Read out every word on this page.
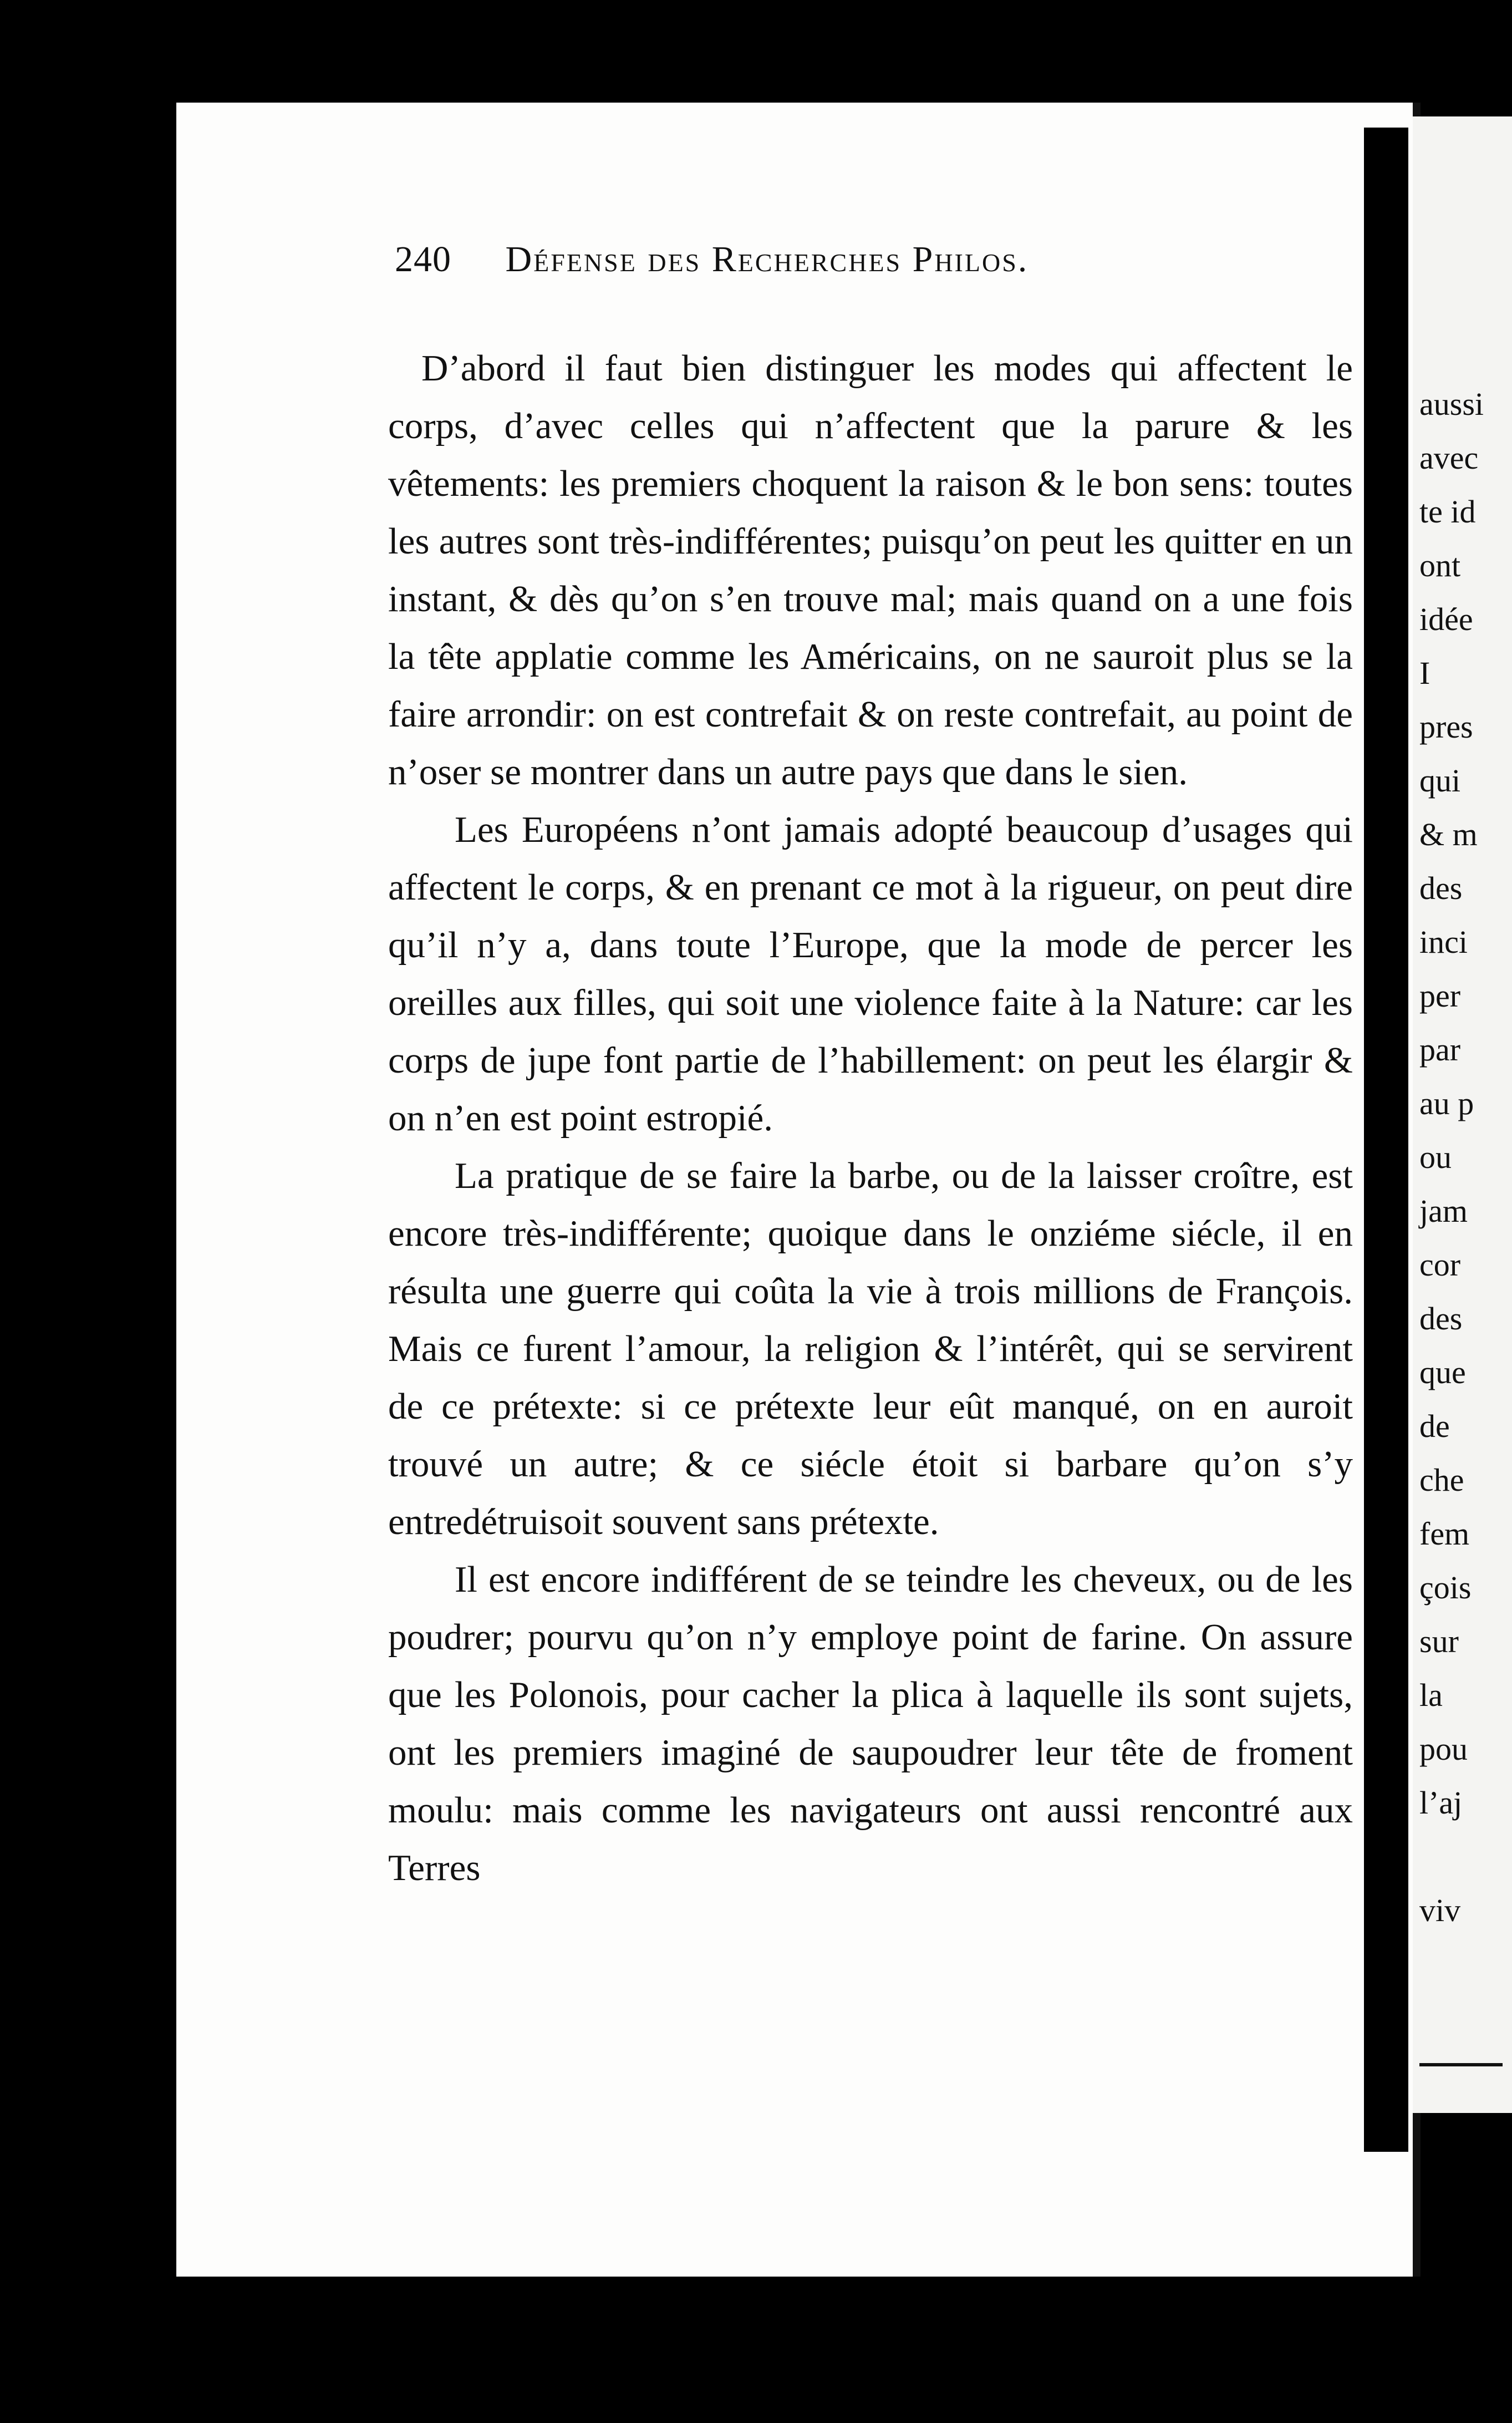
240 Défense des Recherches Philos.

D’abord il faut bien distinguer les modes qui affectent le corps, d’avec celles qui n’affectent que la parure & les vêtements: les premiers choquent la raison & le bon sens: toutes les autres sont très-indifférentes; puisqu’on peut les quitter en un instant, & dès qu’on s’en trouve mal; mais quand on a une fois la tête applatie comme les Américains, on ne sauroit plus se la faire arrondir: on est contrefait & on reste contrefait, au point de n’oser se montrer dans un autre pays que dans le sien.

Les Européens n’ont jamais adopté beaucoup d’usages qui affectent le corps, & en prenant ce mot à la rigueur, on peut dire qu’il n’y a, dans toute l’Europe, que la mode de percer les oreilles aux filles, qui soit une violence faite à la Nature: car les corps de jupe font partie de l’habillement: on peut les élargir & on n’en est point estropié.

La pratique de se faire la barbe, ou de la laisser croître, est encore très-indifférente; quoique dans le onziéme siécle, il en résulta une guerre qui coûta la vie à trois millions de François. Mais ce furent l’amour, la religion & l’intérêt, qui se servirent de ce prétexte: si ce prétexte leur eût manqué, on en auroit trouvé un autre; & ce siécle étoit si barbare qu’on s’y entredétruisoit souvent sans prétexte.

Il est encore indifférent de se teindre les cheveux, ou de les poudrer; pourvu qu’on n’y employe point de farine. On assure que les Polonois, pour cacher la plica à laquelle ils sont sujets, ont les premiers imaginé de saupoudrer leur tête de froment moulu: mais comme les navigateurs ont aussi rencontré aux Terres

aussi
avec
te id
ont
idée
I
pres
qui
& m
des
inci
per
par
au p
ou
jam
cor
des
que
de
che
fem
çois
sur
la
pou
l’aj

viv
